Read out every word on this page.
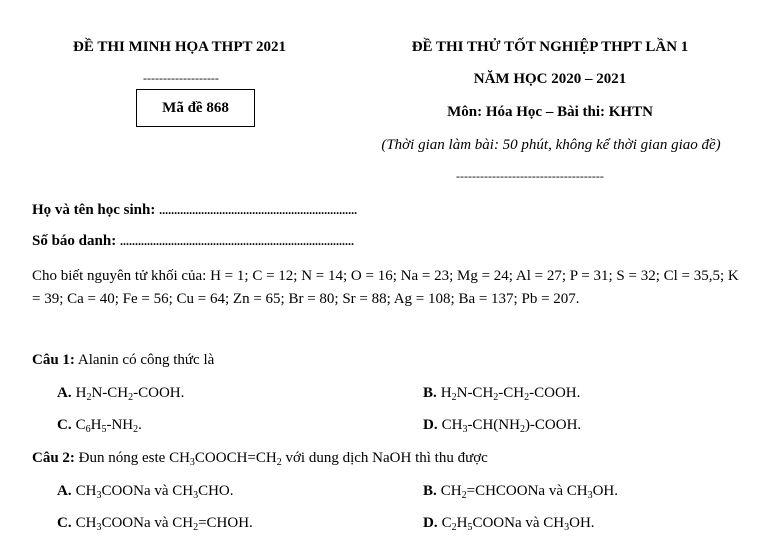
ĐỀ THI MINH HỌA THPT 2021
-------------------
Mã đề 868
ĐỀ THI THỬ TỐT NGHIỆP THPT LẦN 1
NĂM HỌC 2020 – 2021
Môn: Hóa Học – Bài thi: KHTN
(Thời gian làm bài: 50 phút, không kể thời gian giao đề)
-------------------------------------
Họ và tên học sinh: ..................................................................
Số báo danh: ..............................................................................
Cho biết nguyên tử khối của: H = 1; C = 12; N = 14; O = 16; Na = 23; Mg = 24; Al = 27; P = 31; S = 32; Cl = 35,5; K = 39; Ca = 40; Fe = 56; Cu = 64; Zn = 65; Br = 80; Sr = 88; Ag = 108; Ba = 137; Pb = 207.
Câu 1: Alanin có công thức là
A. $H_2N-CH_2$-COOH.	B. $H_2N-CH_2-CH_2$-COOH.
C. $C_6H_5-NH_2$.	D. $CH_3-CH(NH_2)$-COOH.
Câu 2: Đun nóng este $CH_3COOCH=CH_2$ với dung dịch NaOH thì thu được
A. $CH_3COONa$ và $CH_3CHO$.	B. $CH_2=CHCOONa$ và $CH_3OH$.
C. $CH_3COONa$ và $CH_2=CHOH$.	D. $C_2H_5COONa$ và $CH_3OH$.
